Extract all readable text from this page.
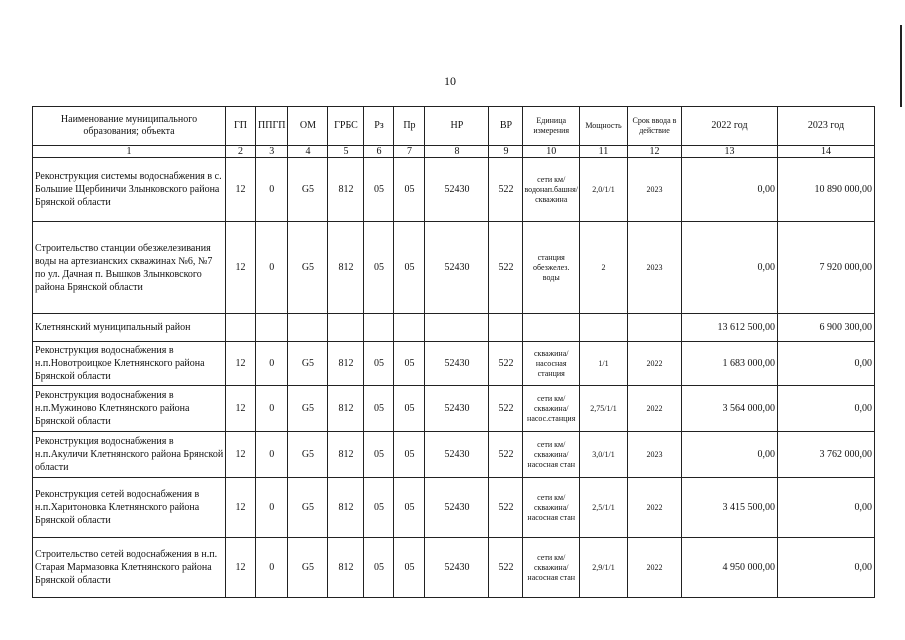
10
Наименование муниципального образования; объекта	ГП	ППГП	ОМ	ГРБС	Рз	Пр	НР	ВР	Единица измерения	Мощность	Срок ввода в действие	2022 год	2023 год
1	2	3	4	5	6	7	8	9	10	11	12	13	14
Реконструкция системы водоснабжения в с. Большие Щербиничи Злынковского района Брянской области	12	0	G5	812	05	05	52430	522	сети км/водонап.башня/скважина	2,0/1/1	2023	0,00	10 890 000,00
Строительство станции обезжелезивания воды на артезианских скважинах №6, №7 по ул. Дачная п. Вышков Злынковского района Брянской области	12	0	G5	812	05	05	52430	522	станция обезжелез. воды	2	2023	0,00	7 920 000,00
Клетнянский муниципальный район												13 612 500,00	6 900 300,00
Реконструкция водоснабжения в н.п.Новотроицкое Клетнянского района Брянской области	12	0	G5	812	05	05	52430	522	скважина/насосная станция	1/1	2022	1 683 000,00	0,00
Реконструкция водоснабжения в н.п.Мужиново Клетнянского района Брянской области	12	0	G5	812	05	05	52430	522	сети км/скважина/насос.станция	2,75/1/1	2022	3 564 000,00	0,00
Реконструкция водоснабжения в н.п.Акуличи Клетнянского района Брянской области	12	0	G5	812	05	05	52430	522	сети км/скважина/насосная стан	3,0/1/1	2023	0,00	3 762 000,00
Реконструкция сетей водоснабжения в н.п.Харитоновка Клетнянского района Брянской области	12	0	G5	812	05	05	52430	522	сети км/скважина/насосная стан	2,5/1/1	2022	3 415 500,00	0,00
Строительство сетей водоснабжения в н.п. Старая Мармазовка Клетнянского района Брянской области	12	0	G5	812	05	05	52430	522	сети км/скважина/насосная стан	2,9/1/1	2022	4 950 000,00	0,00
